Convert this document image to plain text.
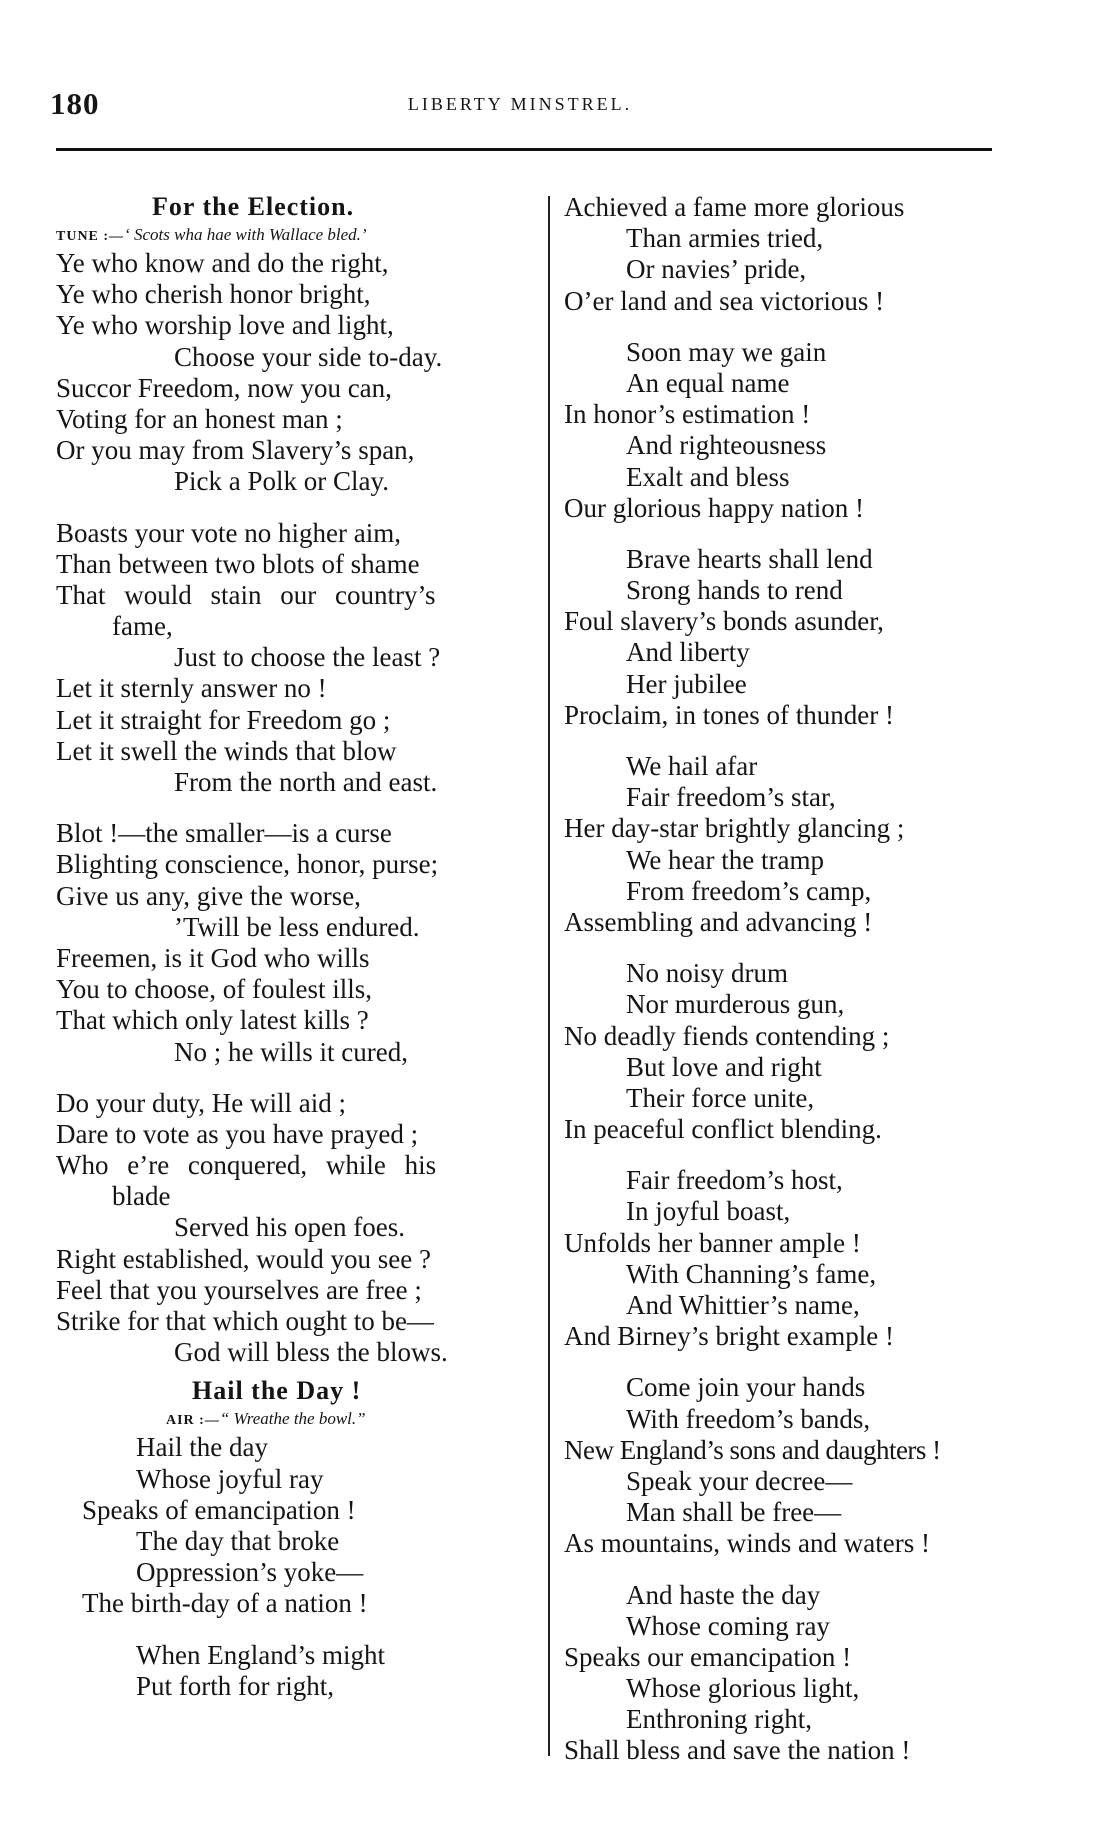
180	LIBERTY MINSTREL.
For the Election.
TUNE :—‘ Scots wha hae with Wallace bled.’
Ye who know and do the right,
Ye who cherish honor bright,
Ye who worship love and light,
Choose your side to-day.
Succor Freedom, now you can,
Voting for an honest man ;
Or you may from Slavery’s span,
Pick a Polk or Clay.
Boasts your vote no higher aim,
Than between two blots of shame
That would stain our country’s
fame,
Just to choose the least ?
Let it sternly answer no !
Let it straight for Freedom go ;
Let it swell the winds that blow
From the north and east.
Blot !—the smaller—is a curse
Blighting conscience, honor, purse;
Give us any, give the worse,
’Twill be less endured.
Freemen, is it God who wills
You to choose, of foulest ills,
That which only latest kills ?
No ; he wills it cured,
Do your duty, He will aid ;
Dare to vote as you have prayed ;
Who e’re conquered, while his
blade
Served his open foes.
Right established, would you see ?
Feel that you yourselves are free ;
Strike for that which ought to be—
God will bless the blows.
Hail the Day !
AIR :—“ Wreathe the bowl.”
Hail the day
Whose joyful ray
Speaks of emancipation !
The day that broke
Oppression’s yoke—
The birth-day of a nation !
When England’s might
Put forth for right,
Achieved a fame more glorious
Than armies tried,
Or navies’ pride,
O’er land and sea victorious !
Soon may we gain
An equal name
In honor’s estimation !
And righteousness
Exalt and bless
Our glorious happy nation !
Brave hearts shall lend
Srong hands to rend
Foul slavery’s bonds asunder,
And liberty
Her jubilee
Proclaim, in tones of thunder !
We hail afar
Fair freedom’s star,
Her day-star brightly glancing ;
We hear the tramp
From freedom’s camp,
Assembling and advancing !
No noisy drum
Nor murderous gun,
No deadly fiends contending ;
But love and right
Their force unite,
In peaceful conflict blending.
Fair freedom’s host,
In joyful boast,
Unfolds her banner ample !
With Channing’s fame,
And Whittier’s name,
And Birney’s bright example !
Come join your hands
With freedom’s bands,
New England’s sons and daughters !
Speak your decree—
Man shall be free—
As mountains, winds and waters !
And haste the day
Whose coming ray
Speaks our emancipation !
Whose glorious light,
Enthroning right,
Shall bless and save the nation !
